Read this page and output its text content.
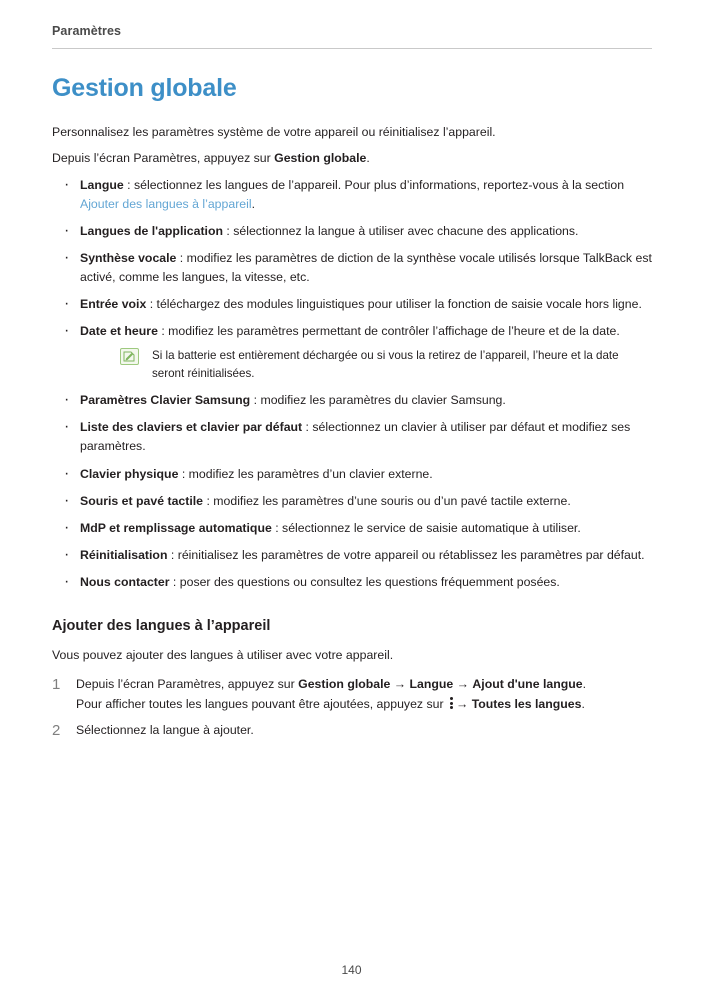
Paramètres
Gestion globale

Personnalisez les paramètres système de votre appareil ou réinitialisez l’appareil.

Depuis l’écran Paramètres, appuyez sur Gestion globale.

· Langue : sélectionnez les langues de l’appareil. Pour plus d’informations, reportez-vous à la section Ajouter des langues à l’appareil.
· Langues de l'application : sélectionnez la langue à utiliser avec chacune des applications.
· Synthèse vocale : modifiez les paramètres de diction de la synthèse vocale utilisés lorsque TalkBack est activé, comme les langues, la vitesse, etc.
· Entrée voix : téléchargez des modules linguistiques pour utiliser la fonction de saisie vocale hors ligne.
· Date et heure : modifiez les paramètres permettant de contrôler l’affichage de l’heure et de la date.
Si la batterie est entièrement déchargée ou si vous la retirez de l’appareil, l’heure et la date seront réinitialisées.
· Paramètres Clavier Samsung : modifiez les paramètres du clavier Samsung.
· Liste des claviers et clavier par défaut : sélectionnez un clavier à utiliser par défaut et modifiez ses paramètres.
· Clavier physique : modifiez les paramètres d’un clavier externe.
· Souris et pavé tactile : modifiez les paramètres d’une souris ou d’un pavé tactile externe.
· MdP et remplissage automatique : sélectionnez le service de saisie automatique à utiliser.
· Réinitialisation : réinitialisez les paramètres de votre appareil ou rétablissez les paramètres par défaut.
· Nous contacter : poser des questions ou consultez les questions fréquemment posées.
Ajouter des langues à l’appareil

Vous pouvez ajouter des langues à utiliser avec votre appareil.

1 Depuis l’écran Paramètres, appuyez sur Gestion globale → Langue → Ajout d'une langue.
Pour afficher toutes les langues pouvant être ajoutées, appuyez sur
→ Toutes les langues.
2 Sélectionnez la langue à ajouter.
140
